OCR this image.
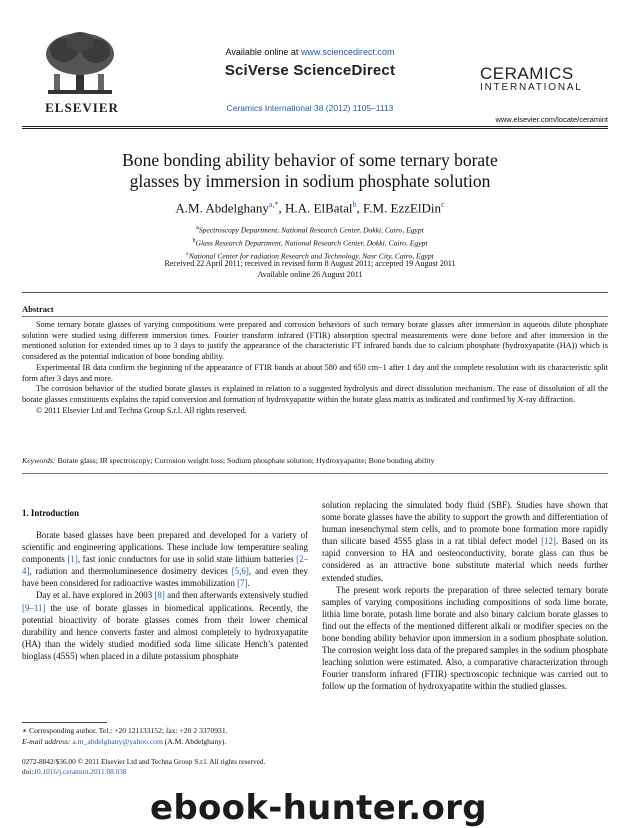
ELSEVIER
Available online at www.sciencedirect.com
SciVerse ScienceDirect
Ceramics International 38 (2012) 1105–1113
CERAMICS
INTERNATIONAL
www.elsevier.com/locate/ceramint
Bone bonding ability behavior of some ternary borate
glasses by immersion in sodium phosphate solution
A.M. Abdelghany$^{a,*}$, H.A. ElBatal$^b$, F.M. EzzElDin$^c$
$^a$Spectroscopy Department, National Research Center, Dokki, Cairo, Egypt
$^b$Glass Research Department, National Research Center, Dokki, Cairo, Egypt
$^c$National Center for radiation Research and Technology, Nasr City, Cairo, Egypt
Received 22 April 2011; received in revised form 8 August 2011; accepted 19 August 2011
Available online 26 August 2011
Abstract

Some ternary borate glasses of varying compositions were prepared and corrosion behaviors of such ternary borate glasses after immersion in aqueous dilute phosphate solution were studied using different immersion times. Fourier transform infrared (FTIR) absorption spectral measurements were done before and after immersion in the mentioned solution for extended times up to 3 days to justify the appearance of the characteristic FT infrared bands due to calcium phosphate (hydroxyapatite (HA)) which is considered as the potential indication of bone bonding ability.

Experimental IR data confirm the beginning of the appearance of FTIR bands at about 580 and 650 cm−1 after 1 day and the complete resolution with its characteristic split form after 3 days and more.

The corrosion behavior of the studied borate glasses is explained in relation to a suggested hydrolysis and direct dissolution mechanism. The ease of dissolution of all the borate glasses constituents explains the rapid conversion and formation of hydroxyapatite within the borate glass matrix as indicated and confirmed by X-ray diffraction.

© 2011 Elsevier Ltd and Techna Group S.r.l. All rights reserved.

Keywords: Borate glass; IR spectroscopy; Corrosion weight loss; Sodium phosphate solution; Hydroxyapatite; Bone bonding ability
1. Introduction

Borate based glasses have been prepared and developed for a variety of scientific and engineering applications. These include low temperature sealing components [1], fast ionic conductors for use in solid state lithium batteries [2–4], radiation and thermoluminesence dosimetry devices [5,6], and even they have been considered for radioactive wastes immobilization [7].

Day et al. have explored in 2003 [8] and then afterwards extensively studied [9–11] the use of borate glasses in biomedical applications. Recently, the potential bioactivity of borate glasses comes from their lower chemical durability and hence converts faster and almost completely to hydroxyapatite (HA) than the widely studied modified soda lime silicate Hench’s patented bioglass (45S5) when placed in a dilute potassium phosphate

solution replacing the simulated body fluid (SBF). Studies have shown that some borate glasses have the ability to support the growth and differentiation of human inesenchymal stem cells, and to promote bone formation more rapidly than silicate based 45S5 glass in a rat tibial defect model [12]. Based on its rapid conversion to HA and oesteoconductivity, borate glass can thus be considered as an attractive bone substitute material which needs further extended studies.

The present work reports the preparation of three selected ternary borate samples of varying compositions including compositions of soda lime borate, lithia lime borate, potash lime borate and also binary calcium borate glasses to find out the effects of the mentioned different alkali or modifier species on the bone bonding ability behavior upon immersion in a sodium phosphate solution. The corrosion weight loss data of the prepared samples in the sodium phosphate leaching solution were estimated. Also, a comparative characterization through Fourier transform infrared (FTIR) spectroscopic technique was carried out to follow up the formation of hydroxyapatite within the studied glasses.

∗ Corresponding author. Tel.: +20 121133152; fax: +20 2 3370931.
E-mail address: a.m_abdelghany@yahoo.com (A.M. Abdelghany).
0272-8842/$36.00 © 2011 Elsevier Ltd and Techna Group S.r.l. All rights reserved.
doi:10.1016/j.ceramint.2011.08.038
ebook-hunter.org
